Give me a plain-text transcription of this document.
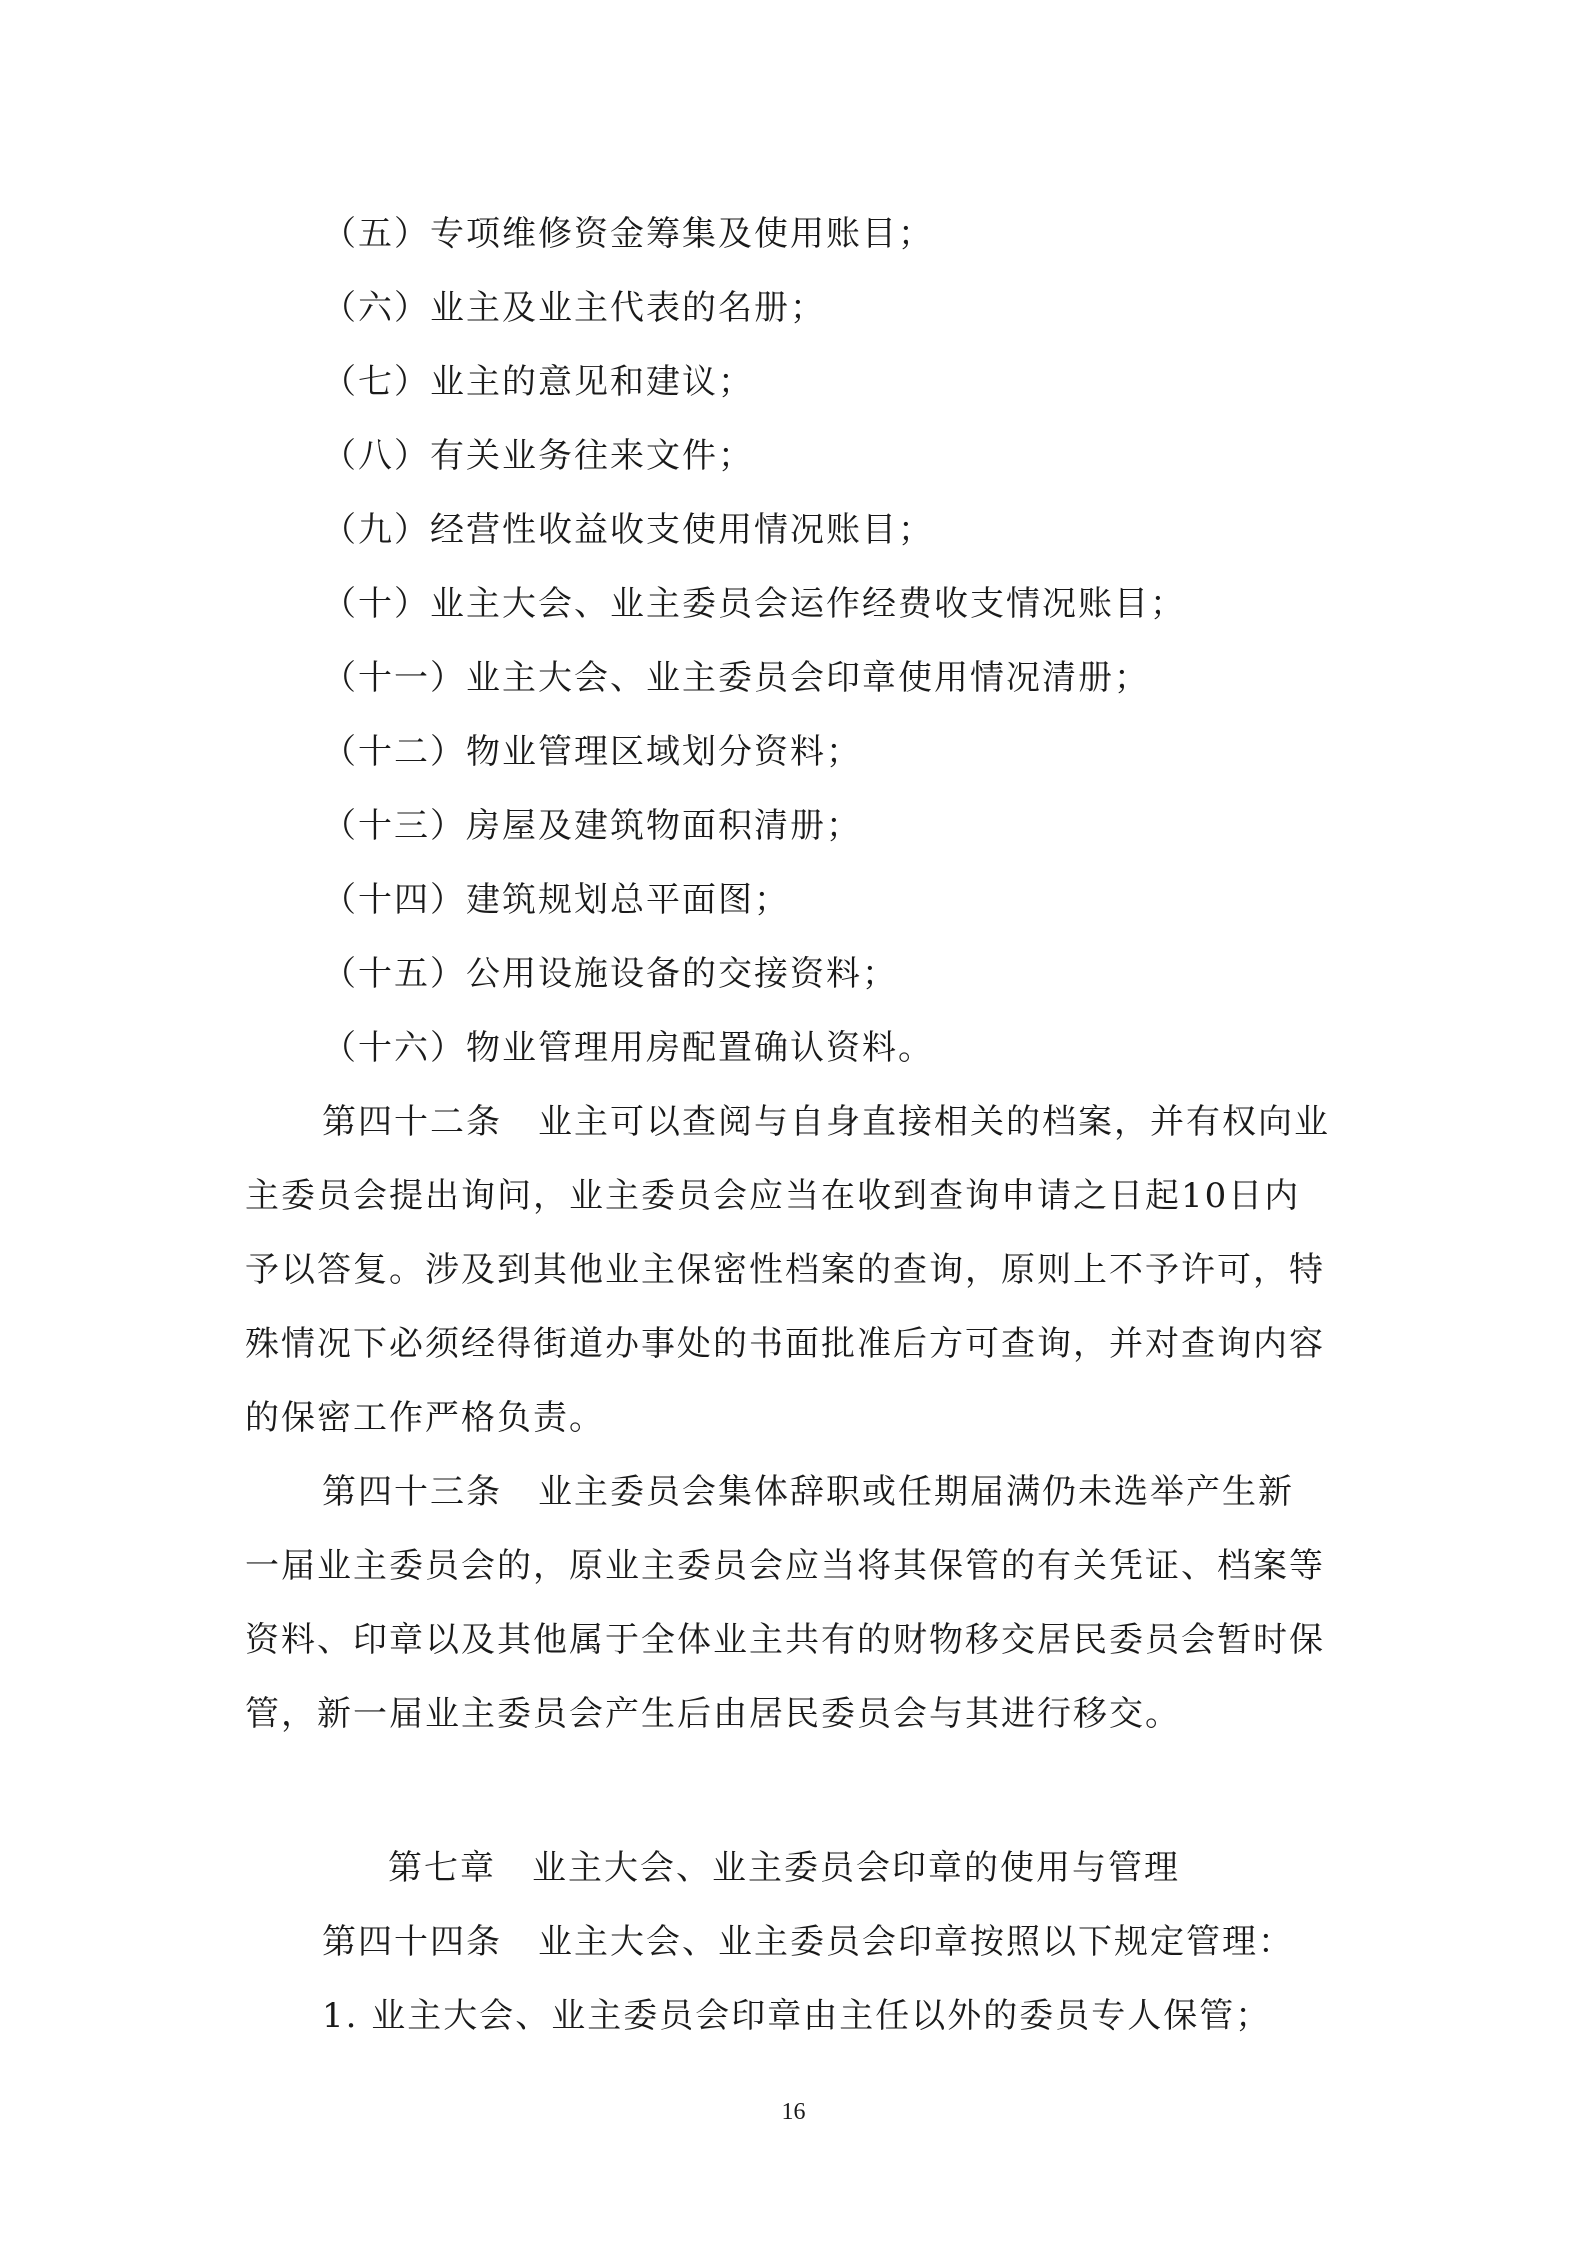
（五）专项维修资金筹集及使用账目；
（六）业主及业主代表的名册；
（七）业主的意见和建议；
（八）有关业务往来文件；
（九）经营性收益收支使用情况账目；
（十）业主大会、业主委员会运作经费收支情况账目；
（十一）业主大会、业主委员会印章使用情况清册；
（十二）物业管理区域划分资料；
（十三）房屋及建筑物面积清册；
（十四）建筑规划总平面图；
（十五）公用设施设备的交接资料；
（十六）物业管理用房配置确认资料。
第四十二条　业主可以查阅与自身直接相关的档案，并有权向业
主委员会提出询问，业主委员会应当在收到查询申请之日起10日内
予以答复。涉及到其他业主保密性档案的查询，原则上不予许可，特
殊情况下必须经得街道办事处的书面批准后方可查询，并对查询内容
的保密工作严格负责。
第四十三条　业主委员会集体辞职或任期届满仍未选举产生新
一届业主委员会的，原业主委员会应当将其保管的有关凭证、档案等
资料、印章以及其他属于全体业主共有的财物移交居民委员会暂时保
管，新一届业主委员会产生后由居民委员会与其进行移交。
第七章　业主大会、业主委员会印章的使用与管理
第四十四条　业主大会、业主委员会印章按照以下规定管理：
1. 业主大会、业主委员会印章由主任以外的委员专人保管；
16
